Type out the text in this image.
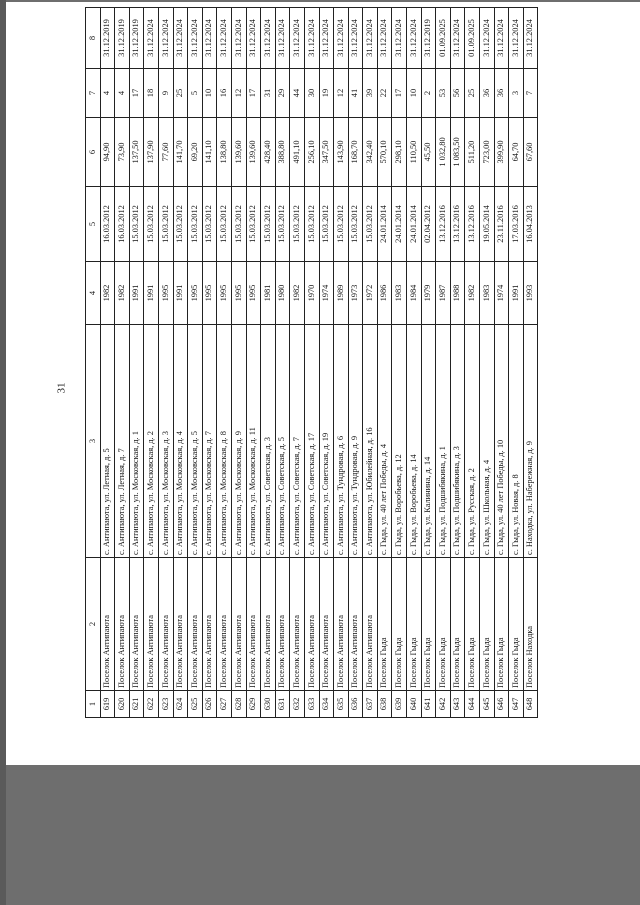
31
1	2	3	4	5	6	7	8
619	Поселок Антипаюта	с. Антипаюта, ул. Летная, д. 5	1982	16.03.2012	94,90	4	31.12.2019
620	Поселок Антипаюта	с. Антипаюта, ул. Летная, д. 7	1982	16.03.2012	73,90	4	31.12.2019
621	Поселок Антипаюта	с. Антипаюта, ул. Московская, д. 1	1991	15.03.2012	137,50	17	31.12.2019
622	Поселок Антипаюта	с. Антипаюта, ул. Московская, д. 2	1991	15.03.2012	137,90	18	31.12.2024
623	Поселок Антипаюта	с. Антипаюта, ул. Московская, д. 3	1995	15.03.2012	77,60	9	31.12.2024
624	Поселок Антипаюта	с. Антипаюта, ул. Московская, д. 4	1991	15.03.2012	141,70	25	31.12.2024
625	Поселок Антипаюта	с. Антипаюта, ул. Московская, д. 5	1995	15.03.2012	69,20	5	31.12.2024
626	Поселок Антипаюта	с. Антипаюта, ул. Московская, д. 7	1995	15.03.2012	141,10	10	31.12.2024
627	Поселок Антипаюта	с. Антипаюта, ул. Московская, д. 8	1995	15.03.2012	138,80	16	31.12.2024
628	Поселок Антипаюта	с. Антипаюта, ул. Московская, д. 9	1995	15.03.2012	139,60	12	31.12.2024
629	Поселок Антипаюта	с. Антипаюта, ул. Московская, д. 11	1995	15.03.2012	139,60	17	31.12.2024
630	Поселок Антипаюта	с. Антипаюта, ул. Советская, д. 3	1981	15.03.2012	428,40	31	31.12.2024
631	Поселок Антипаюта	с. Антипаюта, ул. Советская, д. 5	1980	15.03.2012	388,80	29	31.12.2024
632	Поселок Антипаюта	с. Антипаюта, ул. Советская, д. 7	1982	15.03.2012	491,10	44	31.12.2024
633	Поселок Антипаюта	с. Антипаюта, ул. Советская, д. 17	1970	15.03.2012	256,10	30	31.12.2024
634	Поселок Антипаюта	с. Антипаюта, ул. Советская, д. 19	1974	15.03.2012	347,50	19	31.12.2024
635	Поселок Антипаюта	с. Антипаюта, ул. Тундровая, д. 6	1989	15.03.2012	143,90	12	31.12.2024
636	Поселок Антипаюта	с. Антипаюта, ул. Тундровая, д. 9	1973	15.03.2012	168,70	41	31.12.2024
637	Поселок Антипаюта	с. Антипаюта, ул. Юбилейная, д. 16	1972	15.03.2012	342,40	39	31.12.2024
638	Поселок Гыда	с. Гыда, ул. 40 лет Победы, д. 4	1986	24.01.2014	570,10	22	31.12.2024
639	Поселок Гыда	с. Гыда, ул. Воробьева, д. 12	1983	24.01.2014	298,10	17	31.12.2024
640	Поселок Гыда	с. Гыда, ул. Воробьева, д. 14	1984	24.01.2014	110,50	10	31.12.2024
641	Поселок Гыда	с. Гыда, ул. Калинина, д. 14	1979	02.04.2012	45,50	2	31.12.2019
642	Поселок Гыда	с. Гыда, ул. Подшибякина, д. 1	1987	13.12.2016	1 032,80	53	01.09.2025
643	Поселок Гыда	с. Гыда, ул. Подшибякина, д. 3	1988	13.12.2016	1 083,50	56	31.12.2024
644	Поселок Гыда	с. Гыда, ул. Русская, д. 2	1982	13.12.2016	511,20	25	01.09.2025
645	Поселок Гыда	с. Гыда, ул. Школьная, д. 4	1983	19.05.2014	723,00	36	31.12.2024
646	Поселок Гыда	с. Гыда, ул. 40 лет Победы, д. 10	1974	23.11.2016	399,90	36	31.12.2024
647	Поселок Гыда	с. Гыда, ул. Новая, д. 8	1991	17.03.2016	64,70	3	31.12.2024
648	Поселок Находка	с. Находка, ул. Набережная, д. 9	1993	16.04.2013	67,60	7	31.12.2024
